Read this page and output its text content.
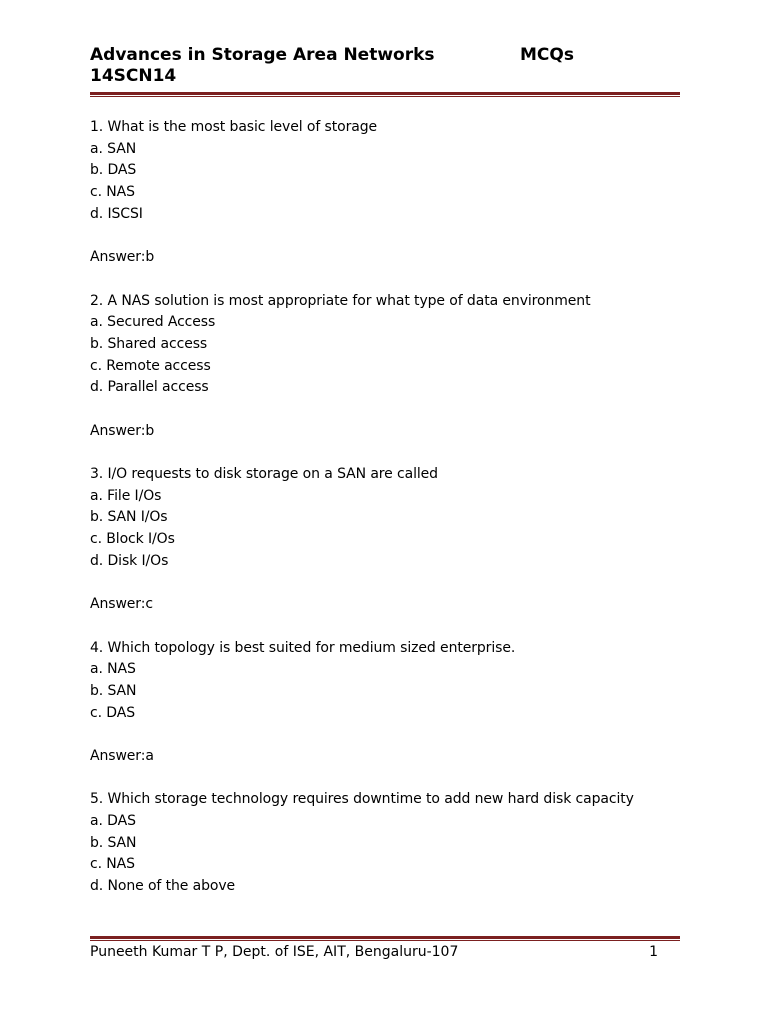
Advances in Storage Area Networks	MCQs
14SCN14
1. What is the most basic level of storage
a. SAN
b. DAS
c. NAS
d. ISCSI
Answer:b
2. A NAS solution is most appropriate for what type of data environment
a. Secured Access
b. Shared access
c. Remote access
d. Parallel access
Answer:b
3. I/O requests to disk storage on a SAN are called
a. File I/Os
b. SAN I/Os
c. Block I/Os
d. Disk I/Os
Answer:c
4. Which topology is best suited for medium sized enterprise.
a. NAS
b. SAN
c. DAS
Answer:a
5. Which storage technology requires downtime to add new hard disk capacity
a. DAS
b. SAN
c. NAS
d. None of the above
Puneeth Kumar T P, Dept. of ISE, AIT, Bengaluru-107	1
